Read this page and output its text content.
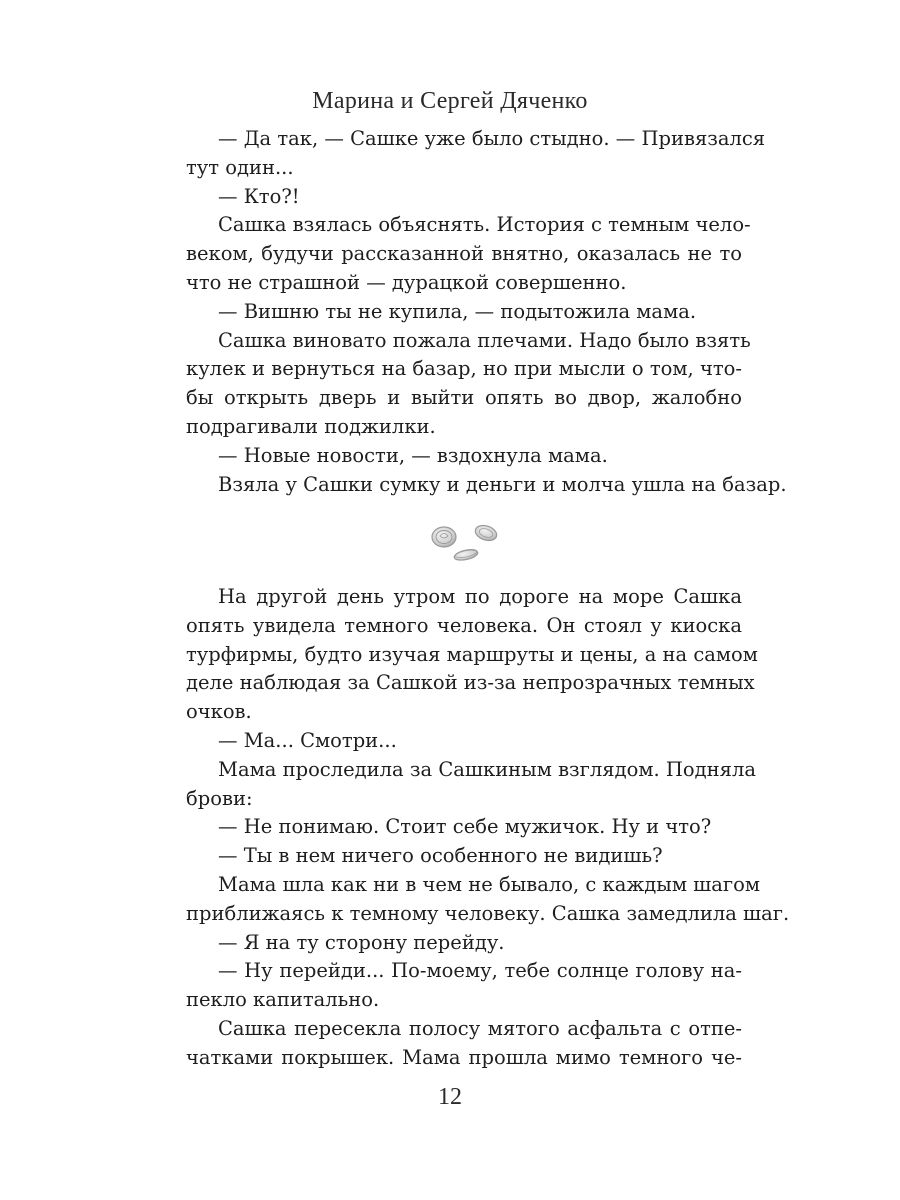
Марина и Сергей Дяченко
— Да так, — Сашке уже было стыдно. — Привязался
тут один...
— Кто?!
Сашка взялась объяснять. История с темным чело-
веком, будучи рассказанной внятно, оказалась не то
что не страшной — дурацкой совершенно.
— Вишню ты не купила, — подытожила мама.
Сашка виновато пожала плечами. Надо было взять
кулек и вернуться на базар, но при мысли о том, что-
бы открыть дверь и выйти опять во двор, жалобно
подрагивали поджилки.
— Новые новости, — вздохнула мама.
Взяла у Сашки сумку и деньги и молча ушла на базар.
На другой день утром по дороге на море Сашка
опять увидела темного человека. Он стоял у киоска
турфирмы, будто изучая маршруты и цены, а на самом
деле наблюдая за Сашкой из-за непрозрачных темных
очков.
— Ма... Смотри...
Мама проследила за Сашкиным взглядом. Подняла
брови:
— Не понимаю. Стоит себе мужичок. Ну и что?
— Ты в нем ничего особенного не видишь?
Мама шла как ни в чем не бывало, с каждым шагом
приближаясь к темному человеку. Сашка замедлила шаг.
— Я на ту сторону перейду.
— Ну перейди... По-моему, тебе солнце голову на-
пекло капитально.
Сашка пересекла полосу мятого асфальта с отпе-
чатками покрышек. Мама прошла мимо темного че-
12
